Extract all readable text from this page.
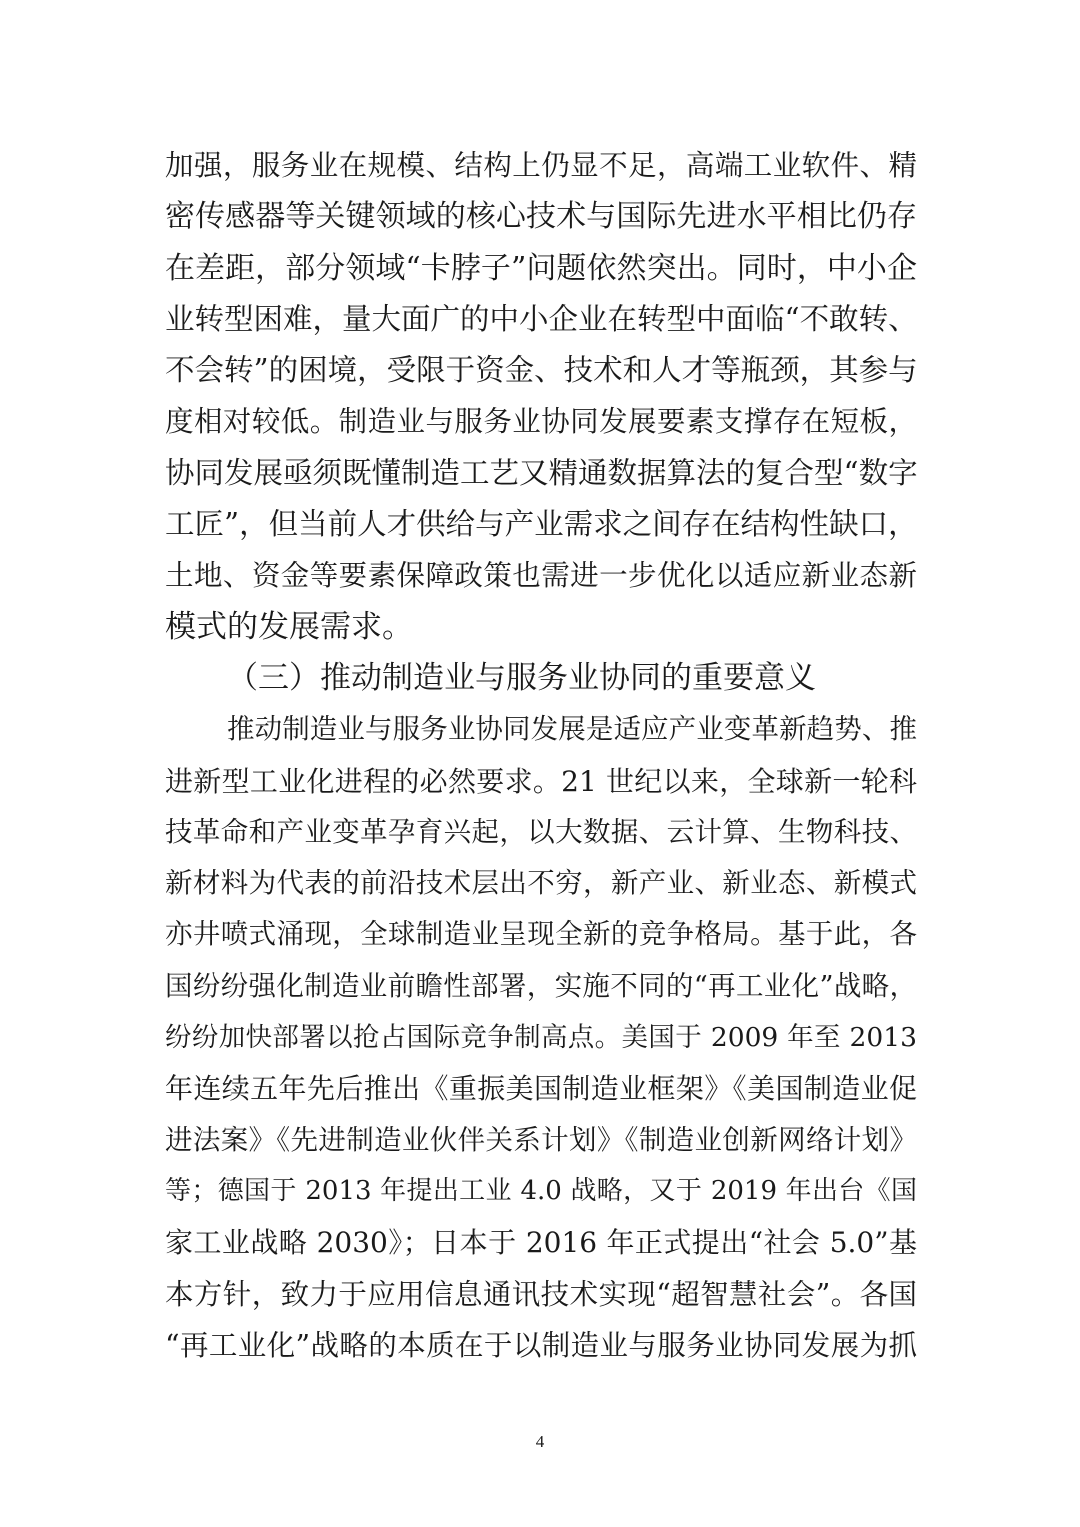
加强，服务业在规模、结构上仍显不足，高端工业软件、精
密传感器等关键领域的核心技术与国际先进水平相比仍存
在差距，部分领域“卡脖子”问题依然突出。同时，中小企
业转型困难，量大面广的中小企业在转型中面临“不敢转、
不会转”的困境，受限于资金、技术和人才等瓶颈，其参与
度相对较低。制造业与服务业协同发展要素支撑存在短板，
协同发展亟须既懂制造工艺又精通数据算法的复合型“数字
工匠”，但当前人才供给与产业需求之间存在结构性缺口，
土地、资金等要素保障政策也需进一步优化以适应新业态新
模式的发展需求。
（三）推动制造业与服务业协同的重要意义
推动制造业与服务业协同发展是适应产业变革新趋势、推
进新型工业化进程的必然要求。21 世纪以来，全球新一轮科
技革命和产业变革孕育兴起，以大数据、云计算、生物科技、
新材料为代表的前沿技术层出不穷，新产业、新业态、新模式
亦井喷式涌现，全球制造业呈现全新的竞争格局。基于此，各
国纷纷强化制造业前瞻性部署，实施不同的“再工业化”战略，
纷纷加快部署以抢占国际竞争制高点。美国于 2009 年至 2013
年连续五年先后推出《重振美国制造业框架》《美国制造业促
进法案》《先进制造业伙伴关系计划》《制造业创新网络计划》
等；德国于 2013 年提出工业 4.0 战略，又于 2019 年出台《国
家工业战略 2030》；日本于 2016 年正式提出“社会 5.0”基
本方针，致力于应用信息通讯技术实现“超智慧社会”。各国
“再工业化”战略的本质在于以制造业与服务业协同发展为抓
4
